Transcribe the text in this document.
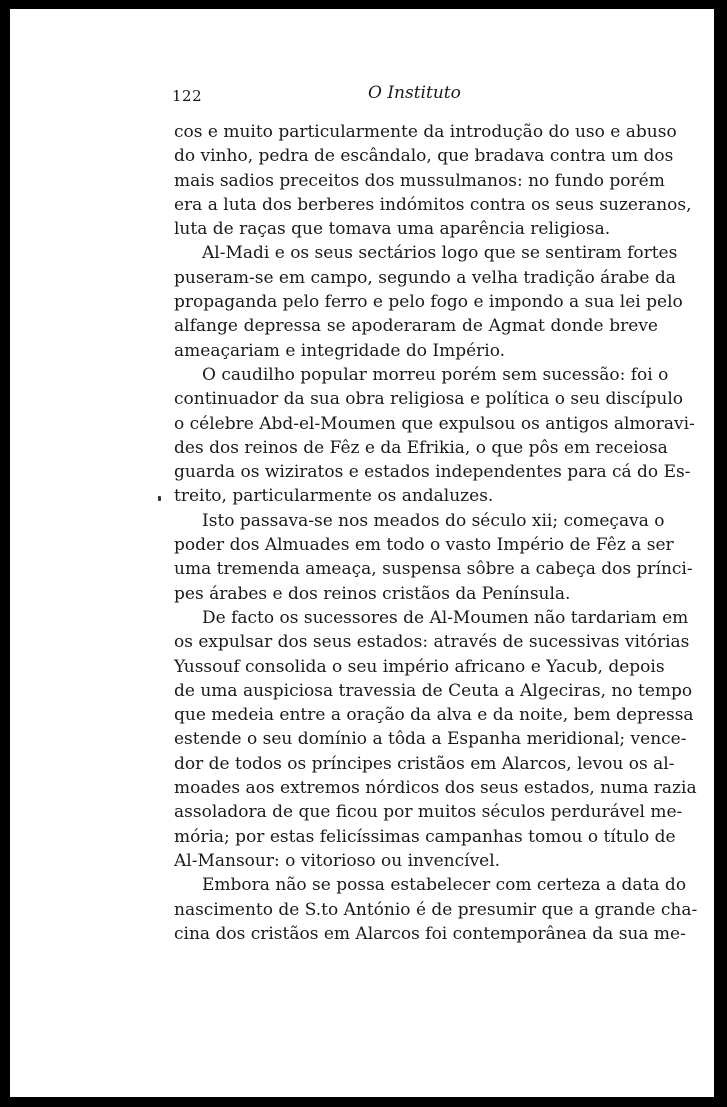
122	O Instituto
cos e muito particularmente da introdução do uso e abuso
do vinho, pedra de escândalo, que bradava contra um dos
mais sadios preceitos dos mussulmanos: no fundo porém
era a luta dos berberes indómitos contra os seus suzeranos,
luta de raças que tomava uma aparência religiosa.
Al-Madi e os seus sectários logo que se sentiram fortes
puseram-se em campo, segundo a velha tradição árabe da
propaganda pelo ferro e pelo fogo e impondo a sua lei pelo
alfange depressa se apoderaram de Agmat donde breve
ameaçariam e integridade do Império.
O caudilho popular morreu porém sem sucessão: foi o
continuador da sua obra religiosa e política o seu discípulo
o célebre Abd-el-Moumen que expulsou os antigos almoravi-
des dos reinos de Fêz e da Efrikia, o que pôs em receiosa
guarda os wiziratos e estados independentes para cá do Es-
treito, particularmente os andaluzes.
Isto passava-se nos meados do século xii; começava o
poder dos Almuades em todo o vasto Império de Fêz a ser
uma tremenda ameaça, suspensa sôbre a cabeça dos prínci-
pes árabes e dos reinos cristãos da Península.
De facto os sucessores de Al-Moumen não tardariam em
os expulsar dos seus estados: através de sucessivas vitórias
Yussouf consolida o seu império africano e Yacub, depois
de uma auspiciosa travessia de Ceuta a Algeciras, no tempo
que medeia entre a oração da alva e da noite, bem depressa
estende o seu domínio a tôda a Espanha meridional; vence-
dor de todos os príncipes cristãos em Alarcos, levou os al-
moades aos extremos nórdicos dos seus estados, numa razia
assoladora de que ficou por muitos séculos perdurável me-
mória; por estas felicíssimas campanhas tomou o título de
Al-Mansour: o vitorioso ou invencível.
Embora não se possa estabelecer com certeza a data do
nascimento de S.to António é de presumir que a grande cha-
cina dos cristãos em Alarcos foi contemporânea da sua me-
